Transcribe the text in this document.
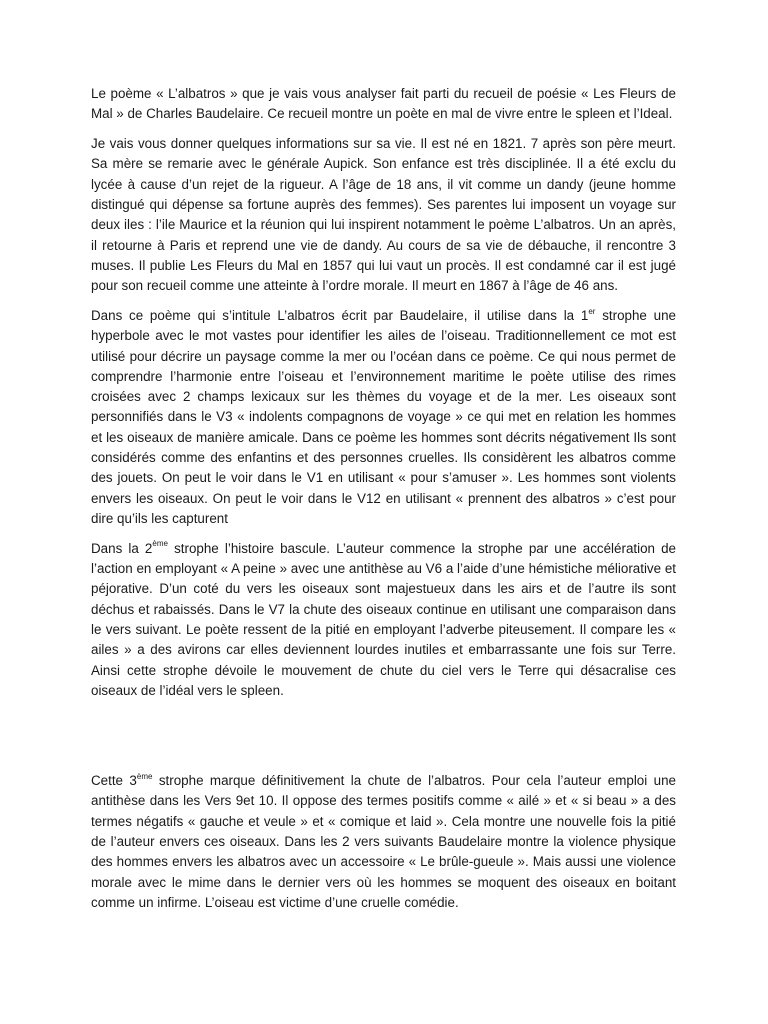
Le poème « L’albatros » que je vais vous analyser fait parti du recueil de poésie « Les Fleurs de Mal » de Charles Baudelaire. Ce recueil montre un poète en mal de vivre entre le spleen et l’Ideal.

Je vais vous donner quelques informations sur sa vie. Il est né en 1821. 7 après son père meurt. Sa mère se remarie avec le générale Aupick. Son enfance est très disciplinée. Il a été exclu du lycée à cause d’un rejet de la rigueur. A l’âge de 18 ans, il vit comme un dandy (jeune homme distingué qui dépense sa fortune auprès des femmes). Ses parentes lui imposent un voyage sur deux iles : l’ile Maurice et la réunion qui lui inspirent notamment le poème L’albatros. Un an après, il retourne à Paris et reprend une vie de dandy. Au cours de sa vie de débauche, il rencontre 3 muses. Il publie Les Fleurs du Mal en 1857 qui lui vaut un procès. Il est condamné car il est jugé pour son recueil comme une atteinte à l’ordre morale. Il meurt en 1867 à l’âge de 46 ans.

Dans ce poème qui s’intitule L’albatros écrit par Baudelaire, il utilise dans la 1er strophe une hyperbole avec le mot vastes pour identifier les ailes de l’oiseau. Traditionnellement ce mot est utilisé pour décrire un paysage comme la mer ou l’océan dans ce poème. Ce qui nous permet de comprendre l’harmonie entre l’oiseau et l’environnement maritime le poète utilise des rimes croisées avec 2 champs lexicaux sur les thèmes du voyage et de la mer. Les oiseaux sont personnifiés dans le V3 « indolents compagnons de voyage » ce qui met en relation les hommes et les oiseaux de manière amicale. Dans ce poème les hommes sont décrits négativement Ils sont considérés comme des enfantins et des personnes cruelles. Ils considèrent les albatros comme des jouets. On peut le voir dans le V1 en utilisant « pour s’amuser ». Les hommes sont violents envers les oiseaux. On peut le voir dans le V12 en utilisant « prennent des albatros » c’est pour dire qu’ils les capturent

Dans la 2ème strophe l’histoire bascule. L’auteur commence la strophe par une accélération de l’action en employant « A peine » avec une antithèse au V6 a l’aide d’une hémistiche méliorative et péjorative. D’un coté du vers les oiseaux sont majestueux dans les airs et de l’autre ils sont déchus et rabaissés. Dans le V7 la chute des oiseaux continue en utilisant une comparaison dans le vers suivant. Le poète ressent de la pitié en employant l’adverbe piteusement. Il compare les « ailes » a des avirons car elles deviennent lourdes inutiles et embarrassante une fois sur Terre. Ainsi cette strophe dévoile le mouvement de chute du ciel vers le Terre qui désacralise ces oiseaux de l’idéal vers le spleen.

Cette 3ème strophe marque définitivement la chute de l’albatros. Pour cela l’auteur emploi une antithèse dans les Vers 9et 10. Il oppose des termes positifs comme « ailé » et « si beau » a des termes négatifs « gauche et veule » et « comique et laid ». Cela montre une nouvelle fois la pitié de l’auteur envers ces oiseaux. Dans les 2 vers suivants Baudelaire montre la violence physique des hommes envers les albatros avec un accessoire « Le brûle-gueule ». Mais aussi une violence morale avec le mime dans le dernier vers où les hommes se moquent des oiseaux en boitant comme un infirme. L’oiseau est victime d’une cruelle comédie.
